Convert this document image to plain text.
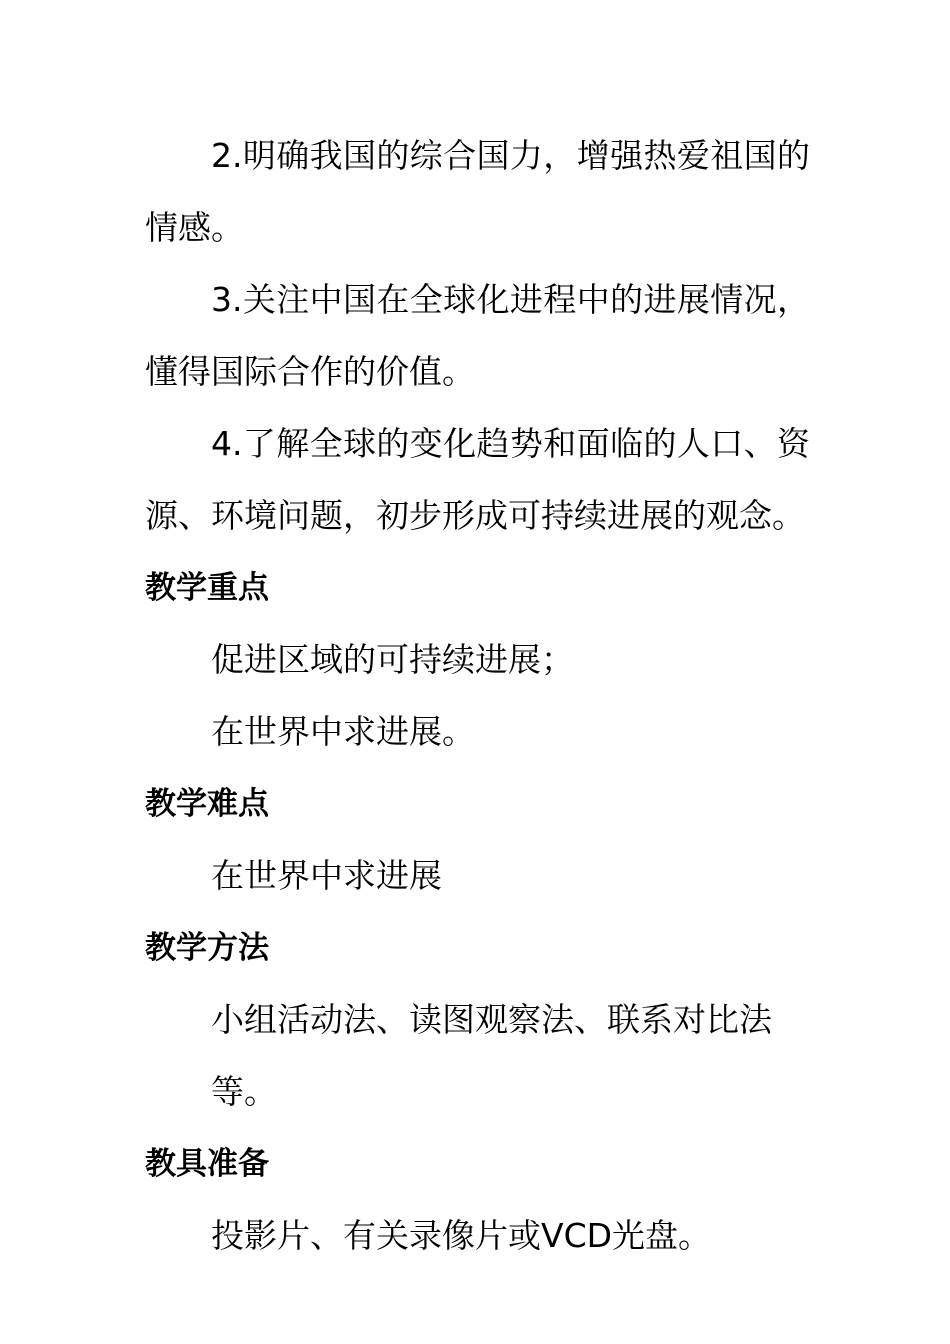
2.明确我国的综合国力，增强热爱祖国的情感。

3.关注中国在全球化进程中的进展情况，懂得国际合作的价值。

4.了解全球的变化趋势和面临的人口、资源、环境问题，初步形成可持续进展的观念。

教学重点

促进区域的可持续进展；

在世界中求进展。

教学难点

在世界中求进展

教学方法

小组活动法、读图观察法、联系对比法等。

教具准备

投影片、有关录像片或VCD光盘。
